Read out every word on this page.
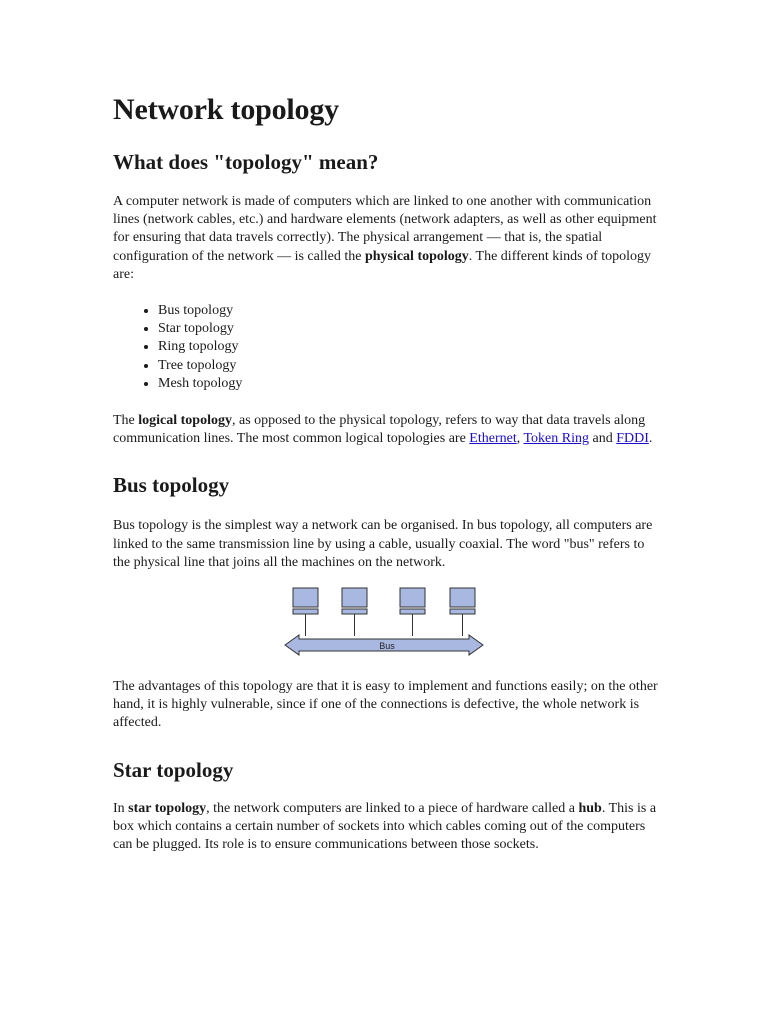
Network topology
What does "topology" mean?

A computer network is made of computers which are linked to one another with communication lines (network cables, etc.) and hardware elements (network adapters, as well as other equipment for ensuring that data travels correctly). The physical arrangement — that is, the spatial configuration of the network — is called the physical topology. The different kinds of topology are:

• Bus topology
• Star topology
• Ring topology
• Tree topology
• Mesh topology

The logical topology, as opposed to the physical topology, refers to way that data travels along communication lines. The most common logical topologies are Ethernet, Token Ring and FDDI.

Bus topology

Bus topology is the simplest way a network can be organised. In bus topology, all computers are linked to the same transmission line by using a cable, usually coaxial. The word "bus" refers to the physical line that joins all the machines on the network.

Bus

The advantages of this topology are that it is easy to implement and functions easily; on the other hand, it is highly vulnerable, since if one of the connections is defective, the whole network is affected.

Star topology

In star topology, the network computers are linked to a piece of hardware called a hub. This is a box which contains a certain number of sockets into which cables coming out of the computers can be plugged. Its role is to ensure communications between those sockets.
